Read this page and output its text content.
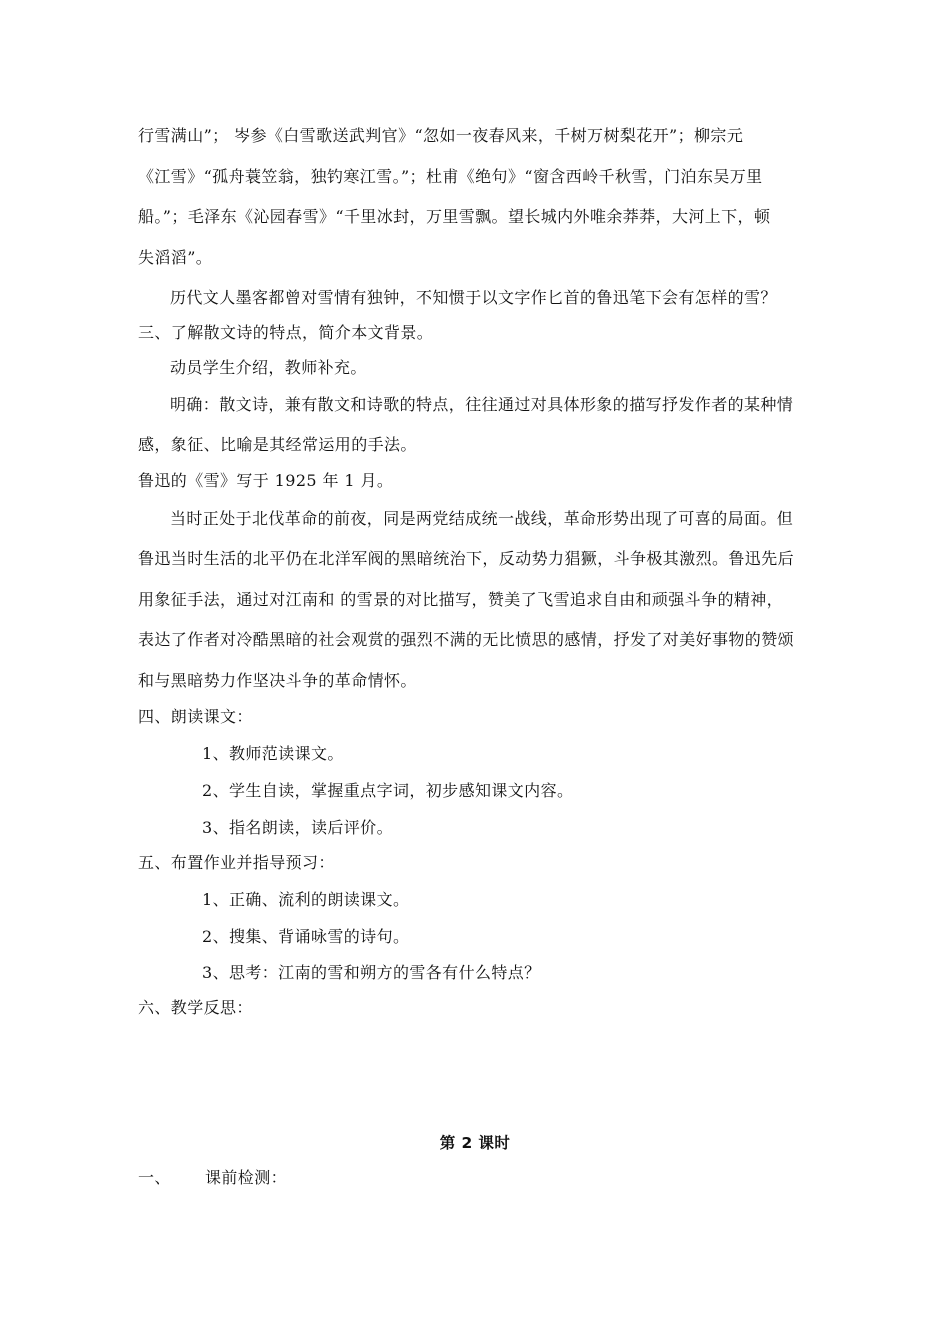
行雪满山”； 岑参《白雪歌送武判官》“忽如一夜春风来，千树万树梨花开”；柳宗元
《江雪》“孤舟蓑笠翁，独钓寒江雪。”；杜甫《绝句》“窗含西岭千秋雪，门泊东吴万里
船。”；毛泽东《沁园春雪》“千里冰封，万里雪飘。望长城内外唯余莽莽，大河上下，顿
失滔滔”。
历代文人墨客都曾对雪情有独钟，不知惯于以文字作匕首的鲁迅笔下会有怎样的雪？
三、了解散文诗的特点，简介本文背景。
动员学生介绍，教师补充。
明确：散文诗，兼有散文和诗歌的特点，往往通过对具体形象的描写抒发作者的某种情
感，象征、比喻是其经常运用的手法。
鲁迅的《雪》写于 1925 年 1 月。
当时正处于北伐革命的前夜，同是两党结成统一战线，革命形势出现了可喜的局面。但
鲁迅当时生活的北平仍在北洋军阀的黑暗统治下，反动势力猖獗，斗争极其激烈。鲁迅先后
用象征手法，通过对江南和 的雪景的对比描写，赞美了飞雪追求自由和顽强斗争的精神，
表达了作者对冷酷黑暗的社会观赏的强烈不满的无比愤思的感情，抒发了对美好事物的赞颂
和与黑暗势力作坚决斗争的革命情怀。
四、朗读课文：
1、教师范读课文。
2、学生自读，掌握重点字词，初步感知课文内容。
3、指名朗读，读后评价。
五、布置作业并指导预习：
1、正确、流利的朗读课文。
2、搜集、背诵咏雪的诗句。
3、思考：江南的雪和朔方的雪各有什么特点？
六、教学反思：
第 2 课时
一、 课前检测：
